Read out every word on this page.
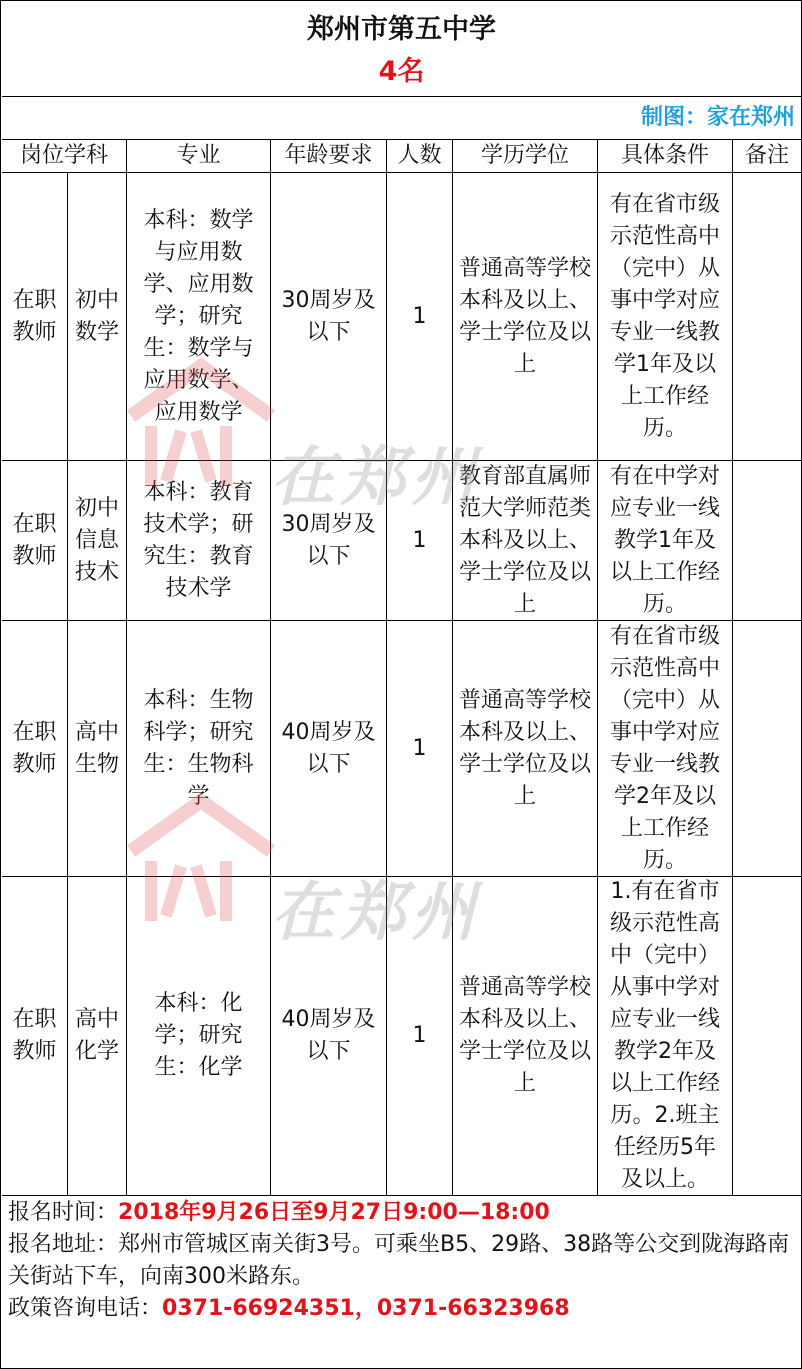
郑州市第五中学
4名
制图：家在郑州
岗位学科	专业	年龄要求 人数 学历学位 具体条件 备注
在职教师
初中数学
本科：数学与应用数学、应用数学；研究生：数学与应用数学、应用数学
30周岁及以下
1
普通高等学校本科及以上、学士学位及以上
有在省市级示范性高中（完中）从事中学对应专业一线教学1年及以上工作经历。
在职教师
初中信息技术
本科：教育技术学；研究生：教育技术学
30周岁及以下
1
教育部直属师范大学师范类本科及以上、学士学位及以上
有在中学对应专业一线教学1年及以上工作经历。
在职教师
高中生物
本科：生物科学；研究生：生物科学
40周岁及以下
1
普通高等学校本科及以上、学士学位及以上
有在省市级示范性高中（完中）从事中学对应专业一线教学2年及以上工作经历。
在职教师
高中化学
本科：化学；研究生：化学
40周岁及以下
1
普通高等学校本科及以上、学士学位及以上
1.有在省市级示范性高中（完中）从事中学对应专业一线教学2年及以上工作经历。2.班主任经历5年及以上。
在郑州
在郑州

报名时间：2018年9月26日至9月27日9:00—18:00

报名地址：郑州市管城区南关街3号。可乘坐B5、29路、38路等公交到陇海路南关街站下车，向南300米路东。

政策咨询电话：0371-66924351，0371-66323968
